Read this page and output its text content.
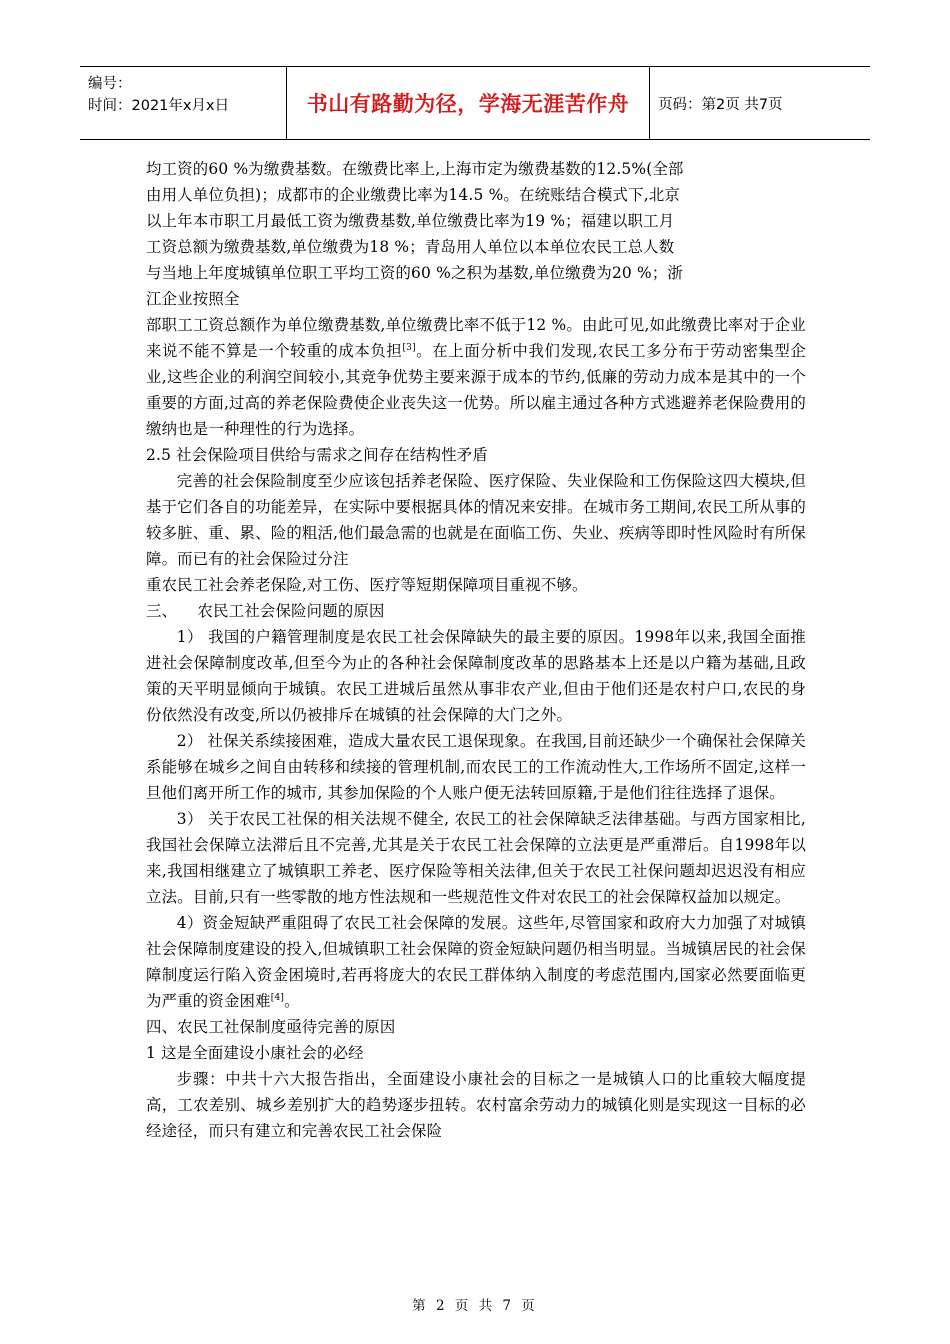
编号：
时间：2021年x月x日	书山有路勤为径，学海无涯苦作舟	页码：第2页 共7页

均工资的60 %为缴费基数。在缴费比率上,上海市定为缴费基数的12.5%(全部

由用人单位负担)；成都市的企业缴费比率为14.5 %。在统账结合模式下,北京

以上年本市职工月最低工资为缴费基数,单位缴费比率为19 %；福建以职工月

工资总额为缴费基数,单位缴费为18 %；青岛用人单位以本单位农民工总人数

与当地上年度城镇单位职工平均工资的60 %之积为基数,单位缴费为20 %；浙

江企业按照全

部职工工资总额作为单位缴费基数,单位缴费比率不低于12 %。由此可见,如此缴费比率对于企业来说不能不算是一个较重的成本负担[3]。在上面分析中我们发现,农民工多分布于劳动密集型企业,这些企业的利润空间较小,其竞争优势主要来源于成本的节约,低廉的劳动力成本是其中的一个重要的方面,过高的养老保险费使企业丧失这一优势。所以雇主通过各种方式逃避养老保险费用的缴纳也是一种理性的行为选择。

2.5 社会保险项目供给与需求之间存在结构性矛盾

完善的社会保险制度至少应该包括养老保险、医疗保险、失业保险和工伤保险这四大模块,但基于它们各自的功能差异，在实际中要根据具体的情况来安排。在城市务工期间,农民工所从事的较多脏、重、累、险的粗活,他们最急需的也就是在面临工伤、失业、疾病等即时性风险时有所保障。而已有的社会保险过分注

重农民工社会养老保险,对工伤、医疗等短期保障项目重视不够。

三、    农民工社会保险问题的原因

1） 我国的户籍管理制度是农民工社会保障缺失的最主要的原因。1998年以来,我国全面推进社会保障制度改革,但至今为止的各种社会保障制度改革的思路基本上还是以户籍为基础,且政策的天平明显倾向于城镇。农民工进城后虽然从事非农产业,但由于他们还是农村户口,农民的身份依然没有改变,所以仍被排斥在城镇的社会保障的大门之外。

2） 社保关系续接困难，造成大量农民工退保现象。在我国,目前还缺少一个确保社会保障关系能够在城乡之间自由转移和续接的管理机制,而农民工的工作流动性大,工作场所不固定,这样一旦他们离开所工作的城市, 其参加保险的个人账户便无法转回原籍,于是他们往往选择了退保。

3） 关于农民工社保的相关法规不健全, 农民工的社会保障缺乏法律基础。与西方国家相比,我国社会保障立法滞后且不完善,尤其是关于农民工社会保障的立法更是严重滞后。自1998年以来,我国相继建立了城镇职工养老、医疗保险等相关法律,但关于农民工社保问题却迟迟没有相应立法。目前,只有一些零散的地方性法规和一些规范性文件对农民工的社会保障权益加以规定。

4）资金短缺严重阻碍了农民工社会保障的发展。这些年,尽管国家和政府大力加强了对城镇社会保障制度建设的投入,但城镇职工社会保障的资金短缺问题仍相当明显。当城镇居民的社会保障制度运行陷入资金困境时,若再将庞大的农民工群体纳入制度的考虑范围内,国家必然要面临更为严重的资金困难[4]。

四、农民工社保制度亟待完善的原因

1 这是全面建设小康社会的必经

步骤：中共十六大报告指出，全面建设小康社会的目标之一是城镇人口的比重较大幅度提高，工农差别、城乡差别扩大的趋势逐步扭转。农村富余劳动力的城镇化则是实现这一目标的必经途径，而只有建立和完善农民工社会保险

第 2 页 共 7 页
